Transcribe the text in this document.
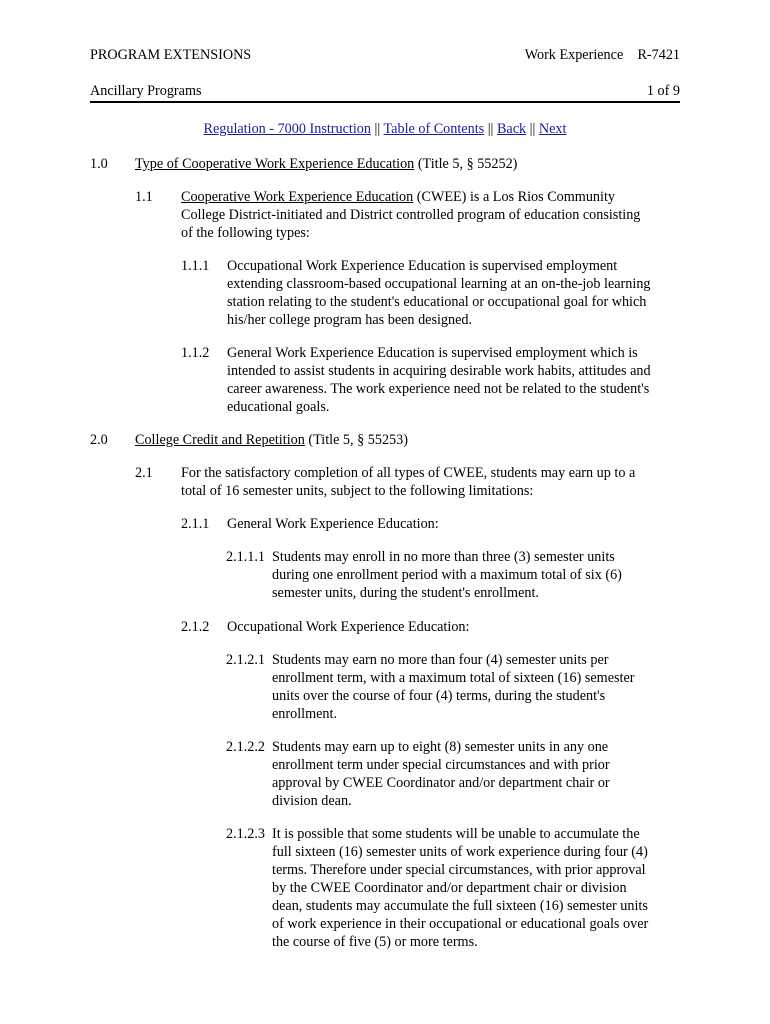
PROGRAM EXTENSIONS	Work Experience R-7421
Ancillary Programs	1 of 9
Regulation - 7000 Instruction || Table of Contents || Back || Next
1.0 Type of Cooperative Work Experience Education (Title 5, § 55252)
1.1 Cooperative Work Experience Education (CWEE) is a Los Rios Community
College District-initiated and District controlled program of education consisting
of the following types:
1.1.1 Occupational Work Experience Education is supervised employment
extending classroom-based occupational learning at an on-the-job learning
station relating to the student's educational or occupational goal for which
his/her college program has been designed.
1.1.2 General Work Experience Education is supervised employment which is
intended to assist students in acquiring desirable work habits, attitudes and
career awareness. The work experience need not be related to the student's
educational goals.
2.0 College Credit and Repetition (Title 5, § 55253)
2.1 For the satisfactory completion of all types of CWEE, students may earn up to a
total of 16 semester units, subject to the following limitations:
2.1.1 General Work Experience Education:
2.1.1.1 Students may enroll in no more than three (3) semester units
during one enrollment period with a maximum total of six (6)
semester units, during the student's enrollment.
2.1.2 Occupational Work Experience Education:
2.1.2.1 Students may earn no more than four (4) semester units per
enrollment term, with a maximum total of sixteen (16) semester
units over the course of four (4) terms, during the student's
enrollment.
2.1.2.2 Students may earn up to eight (8) semester units in any one
enrollment term under special circumstances and with prior
approval by CWEE Coordinator and/or department chair or
division dean.
2.1.2.3 It is possible that some students will be unable to accumulate the
full sixteen (16) semester units of work experience during four (4)
terms. Therefore under special circumstances, with prior approval
by the CWEE Coordinator and/or department chair or division
dean, students may accumulate the full sixteen (16) semester units
of work experience in their occupational or educational goals over
the course of five (5) or more terms.
